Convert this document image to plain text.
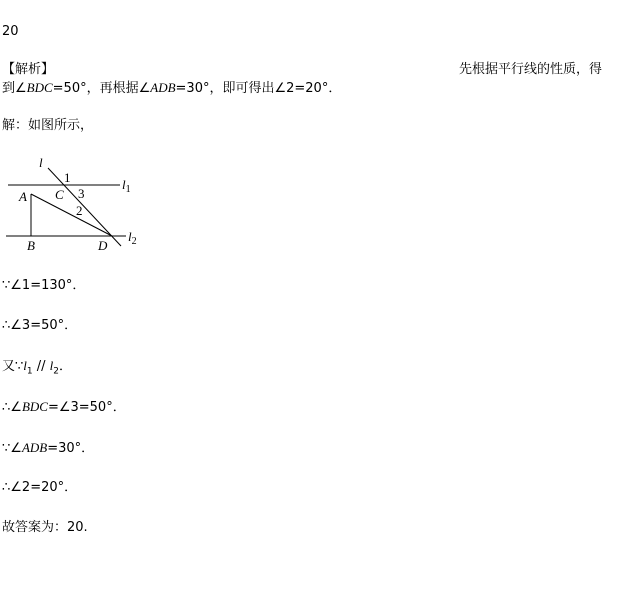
20
【解析】	先根据平行线的性质，得
到∠BDC=50°，再根据∠ADB=30°，即可得出∠2=20°．
解：如图所示，
l
$l_1$
$l_2$
A
B
C
D
1
3
2
∵∠1=130°．
∴∠3=50°．
又$\because l_1 // l_2$．
∴∠BDC=∠3=50°．
∵∠ADB=30°．
∴∠2=20°．
故答案为：20.
